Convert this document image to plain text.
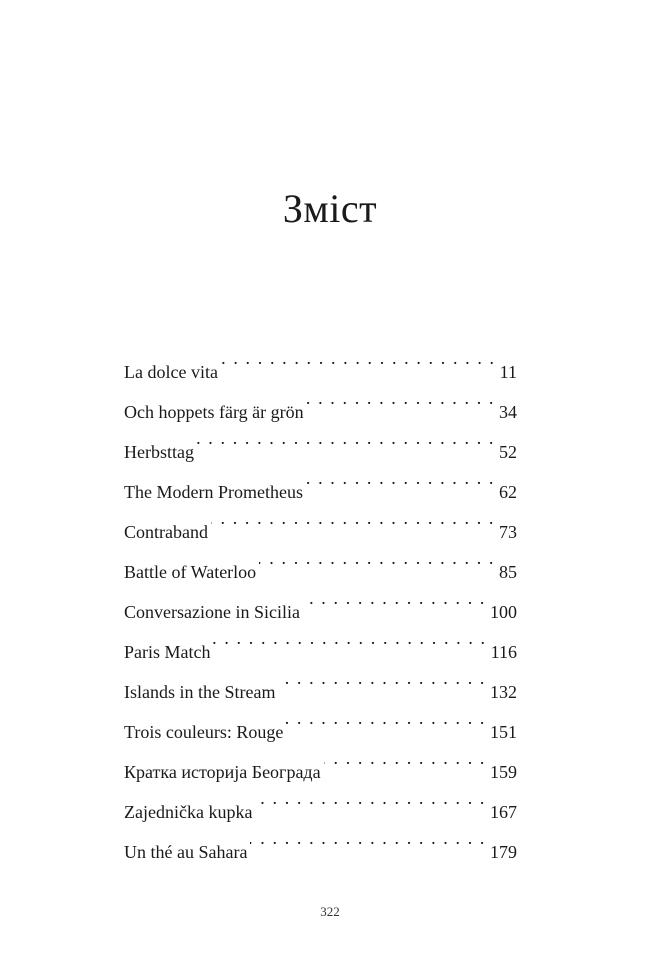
Зміст
La dolce vita . . .	11
Och hoppets färg är grön . . .	34
Herbsttag . . .	52
The Modern Prometheus . . .	62
Contraband . . .	73
Battle of Waterloo . . .	85
Conversazione in Sicilia . . .	100
Paris Match . . .	116
Islands in the Stream . . .	132
Trois couleurs: Rouge . . .	151
Кратка историја Београда . . .	159
Zajednička kupka . . .	167
Un thé au Sahara . . .	179
322
